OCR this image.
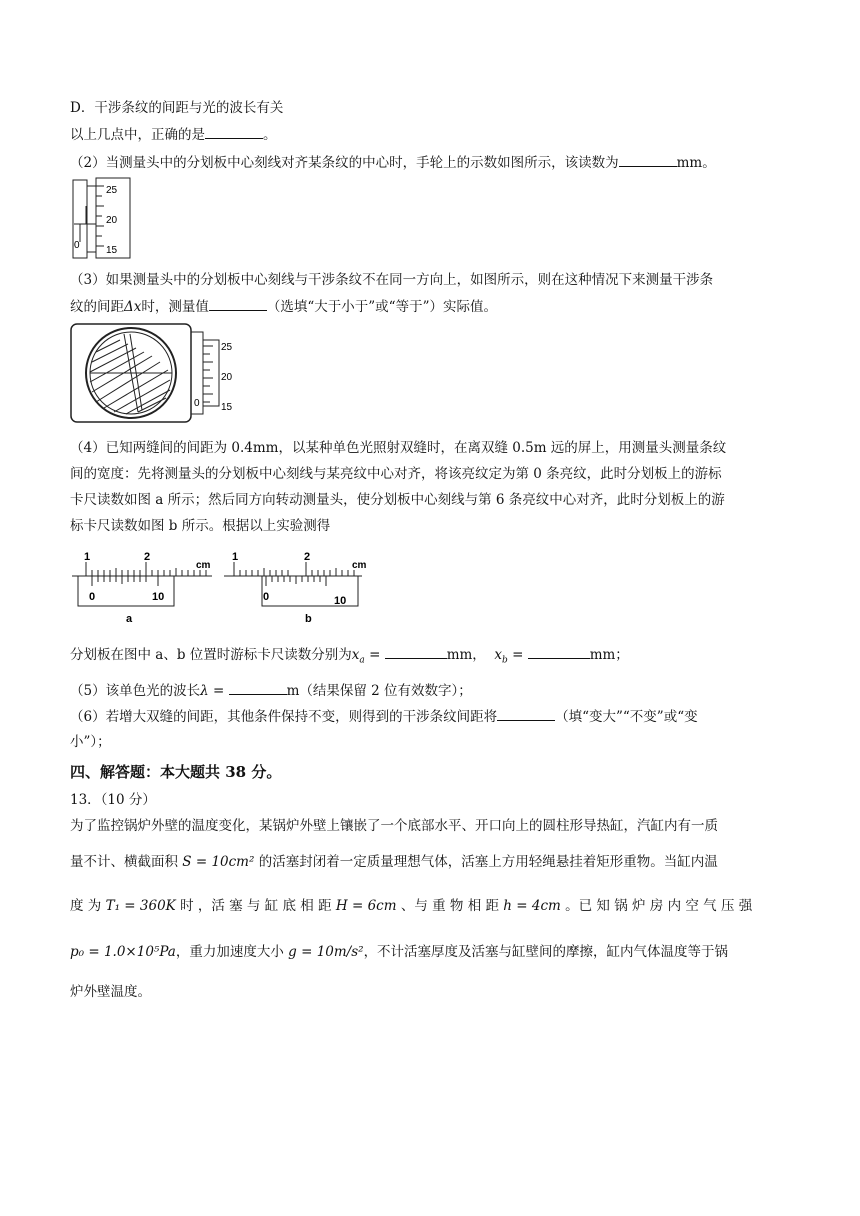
D．干涉条纹的间距与光的波长有关
以上几点中，正确的是	。
（2）当测量头中的分划板中心刻线对齐某条纹的中心时，手轮上的示数如图所示，该读数为	mm。
25
20
0	15
（3）如果测量头中的分划板中心刻线与干涉条纹不在同一方向上，如图所示，则在这种情况下来测量干涉条
纹的间距Δx时，测量值	（选填“大于小于”或“等于”）实际值。
25
20
0 15
（4）已知两缝间的间距为 0.4mm，以某种单色光照射双缝时，在离双缝 0.5m 远的屏上，用测量头测量条纹
间的宽度：先将测量头的分划板中心刻线与某亮纹中心对齐，将该亮纹定为第 0 条亮纹，此时分划板上的游标
卡尺读数如图 a 所示；然后同方向转动测量头，使分划板中心刻线与第 6 条亮纹中心对齐，此时分划板上的游
标卡尺读数如图 b 所示。根据以上实验测得
1	2
cm
0	10
a
1	2
cm
0	10
b
分划板在图中 a、b 位置时游标卡尺读数分别为$x_a$ =	mm， $x_b$ =	mm；
（5）该单色光的波长λ =	m（结果保留 2 位有效数字）；
（6）若增大双缝的间距，其他条件保持不变，则得到的干涉条纹间距将	（填“变大”“不变”或“变
小”）；
四、解答题：本大题共 38 分。
13．（10 分）
为了监控锅炉外壁的温度变化，某锅炉外壁上镶嵌了一个底部水平、开口向上的圆柱形导热缸，汽缸内有一质
量不计、横截面积 S = 10cm² 的活塞封闭着一定质量理想气体，活塞上方用轻绳悬挂着矩形重物。当缸内温
度 为 T₁ = 360K 时 ，活 塞 与 缸 底 相 距 H = 6cm 、与 重 物 相 距 h = 4cm 。已 知 锅 炉 房 内 空 气 压 强
p₀ = 1.0×10⁵Pa，重力加速度大小 g = 10m/s²，不计活塞厚度及活塞与缸壁间的摩擦，缸内气体温度等于锅
炉外壁温度。
